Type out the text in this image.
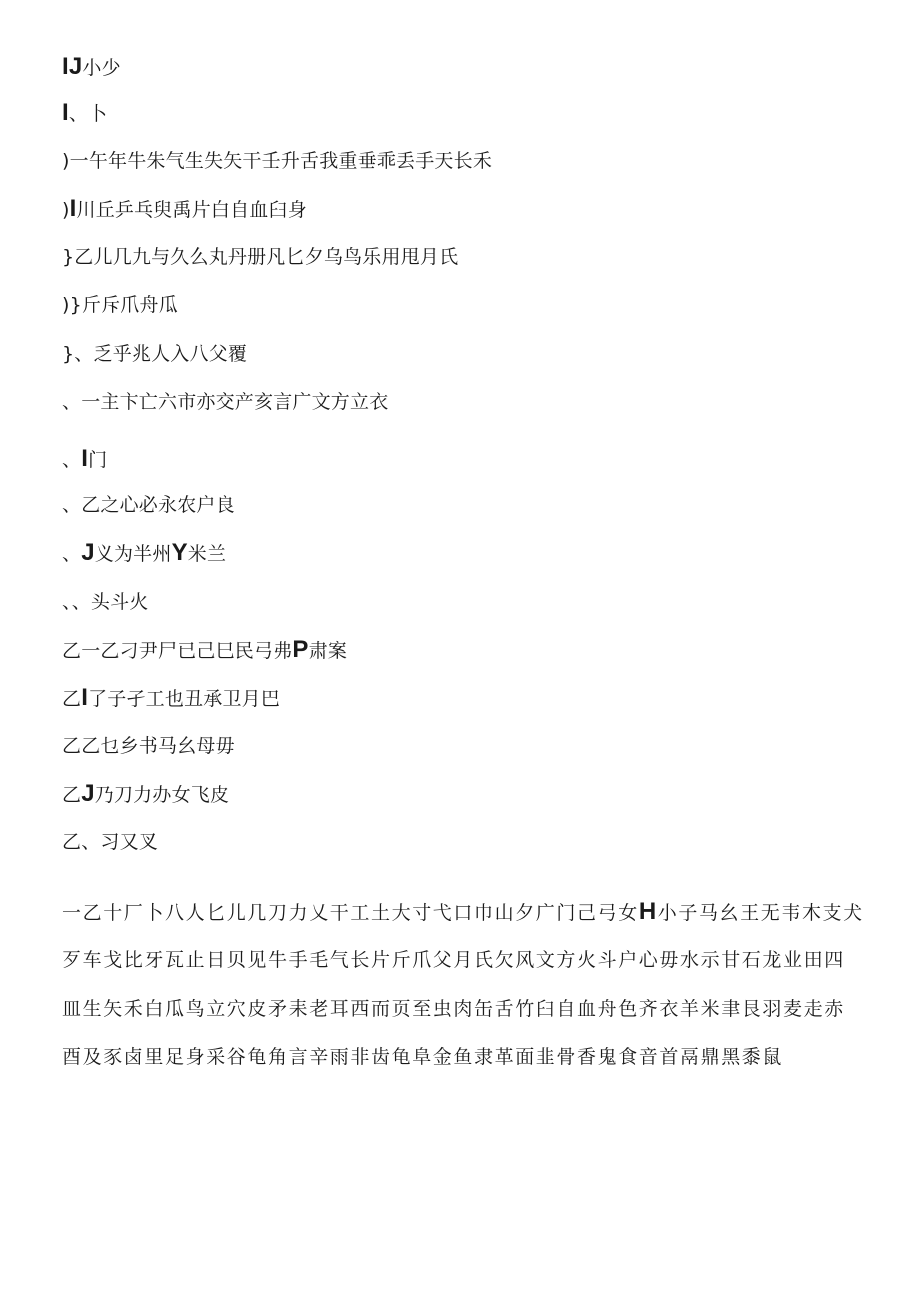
IJ小少
I、卜
)一午年牛朱气生失矢干壬升舌我重垂乖丢手天长禾
)I川丘乒乓臾禹片白自血臼身
}乙儿几九与久么丸丹册凡匕夕乌鸟乐用甩月氏
)}斤斥爪舟瓜
}、乏乎兆人入八父覆
、一主卞亡六市亦交产亥言广文方立衣
、I门
、乙之心必永农户良
、J义为半州Y米兰
、、头斗火
乙一乙刁尹尸已己巳民弓弗P肃案
乙I了子孑工也丑承卫月巴
乙乙乜乡书马幺母毋
乙J乃刀力办女飞皮
乙、习又叉
一乙十厂卜八人匕儿几刀力乂干工土大寸弋口巾山夕广门己弓女H小子马幺王无韦木支犬
歹车戈比牙瓦止日贝见牛手毛气长片斤爪父月氏欠风文方火斗户心毋水示甘石龙业田四
皿生矢禾白瓜鸟立穴皮矛耒老耳西而页至虫肉缶舌竹臼自血舟色齐衣羊米聿艮羽麦走赤
酉及豕卤里足身采谷龟角言辛雨非齿龟阜金鱼隶革面韭骨香鬼食音首鬲鼎黑黍鼠
